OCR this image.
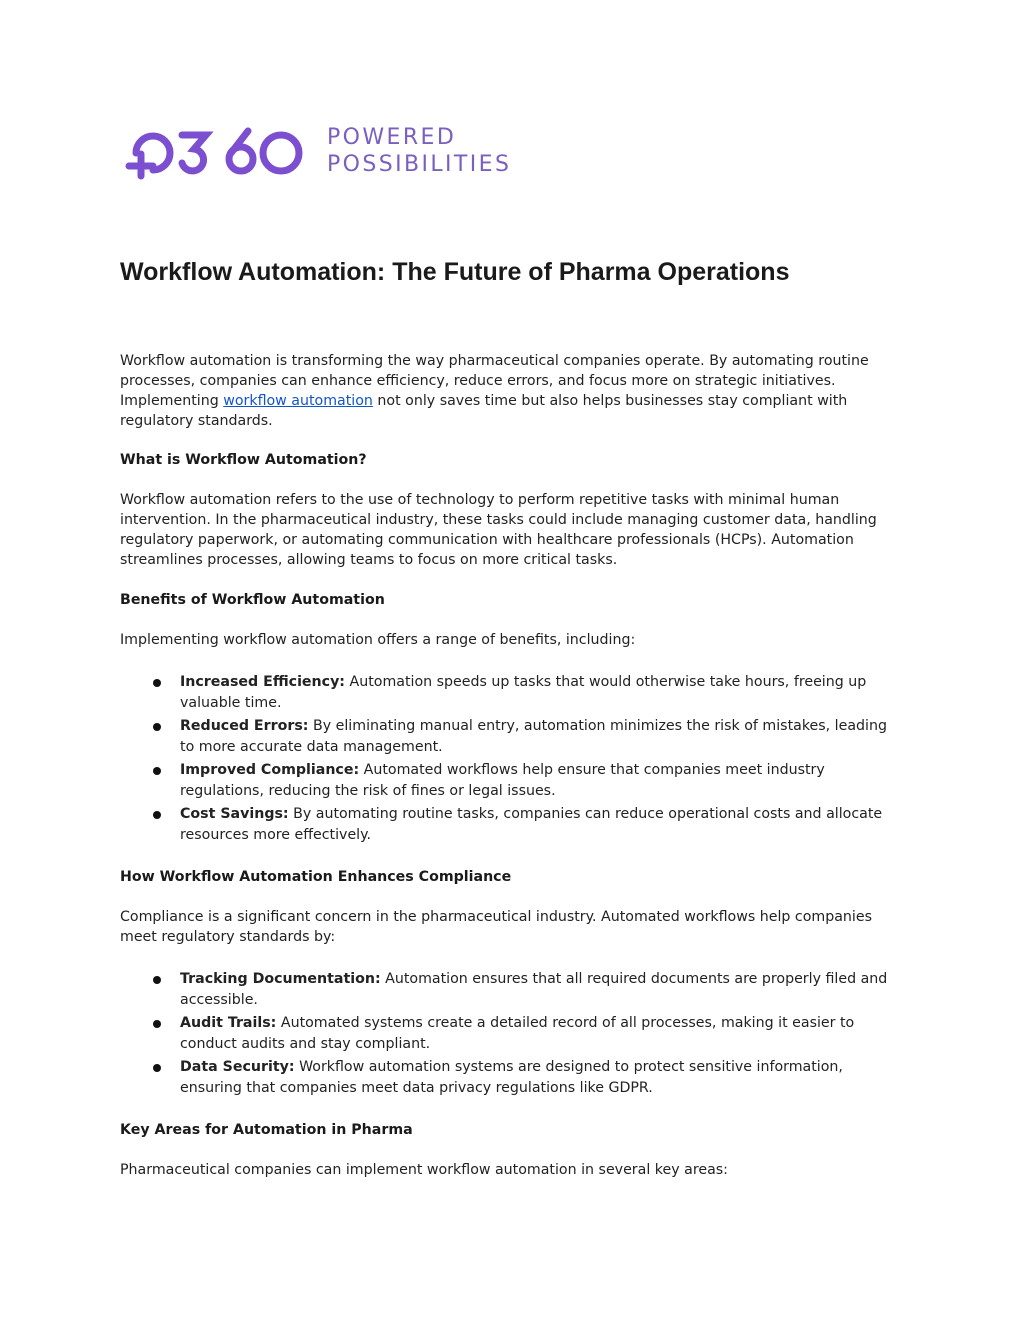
POWERED
POSSIBILITIES
Workflow Automation: The Future of Pharma Operations

Workflow automation is transforming the way pharmaceutical companies operate. By automating routine processes, companies can enhance efficiency, reduce errors, and focus more on strategic initiatives. Implementing workflow automation not only saves time but also helps businesses stay compliant with regulatory standards.

What is Workflow Automation?

Workflow automation refers to the use of technology to perform repetitive tasks with minimal human intervention. In the pharmaceutical industry, these tasks could include managing customer data, handling regulatory paperwork, or automating communication with healthcare professionals (HCPs). Automation streamlines processes, allowing teams to focus on more critical tasks.

Benefits of Workflow Automation

Implementing workflow automation offers a range of benefits, including:

Increased Efficiency: Automation speeds up tasks that would otherwise take hours, freeing up valuable time.
Reduced Errors: By eliminating manual entry, automation minimizes the risk of mistakes, leading to more accurate data management.
Improved Compliance: Automated workflows help ensure that companies meet industry regulations, reducing the risk of fines or legal issues.
Cost Savings: By automating routine tasks, companies can reduce operational costs and allocate resources more effectively.
How Workflow Automation Enhances Compliance

Compliance is a significant concern in the pharmaceutical industry. Automated workflows help companies meet regulatory standards by:

Tracking Documentation: Automation ensures that all required documents are properly filed and accessible.
Audit Trails: Automated systems create a detailed record of all processes, making it easier to conduct audits and stay compliant.
Data Security: Workflow automation systems are designed to protect sensitive information, ensuring that companies meet data privacy regulations like GDPR.
Key Areas for Automation in Pharma

Pharmaceutical companies can implement workflow automation in several key areas:
